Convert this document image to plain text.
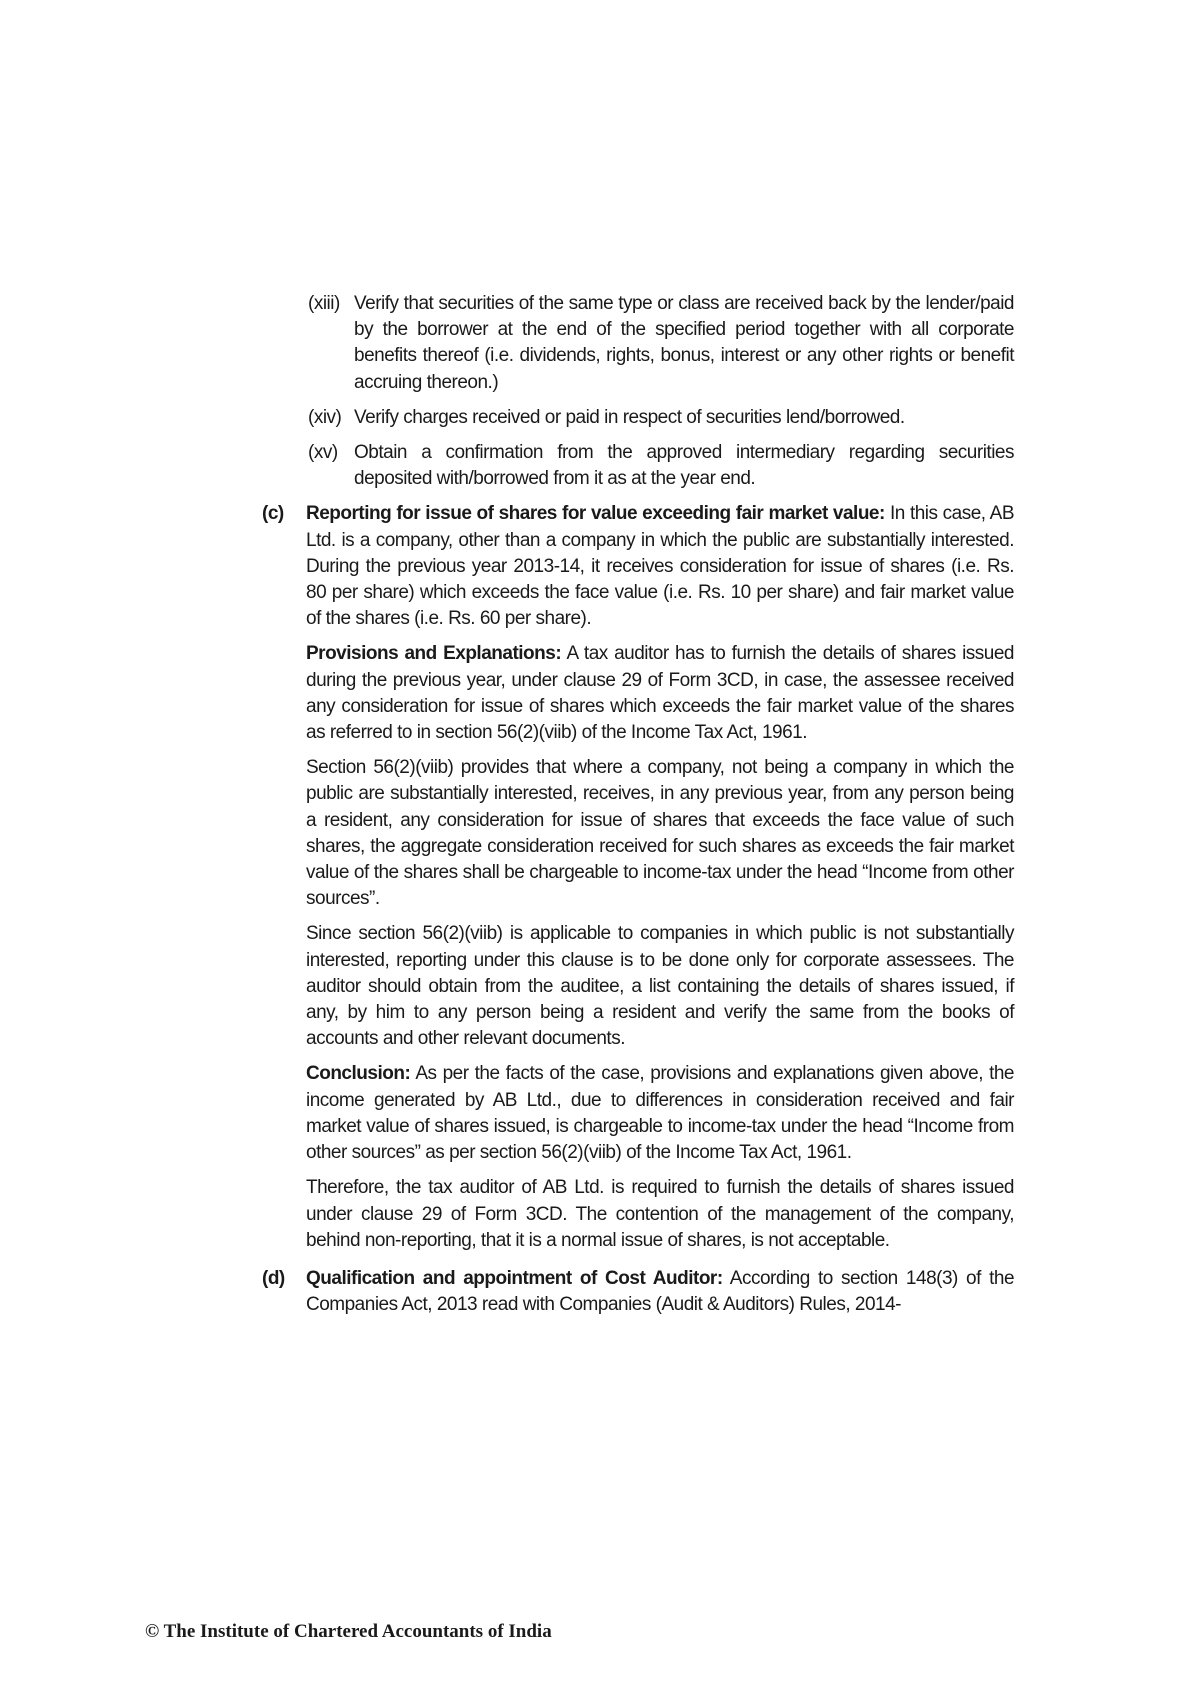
(xiii) Verify that securities of the same type or class are received back by the lender/paid by the borrower at the end of the specified period together with all corporate benefits thereof (i.e. dividends, rights, bonus, interest or any other rights or benefit accruing thereon.)
(xiv) Verify charges received or paid in respect of securities lend/borrowed.
(xv) Obtain a confirmation from the approved intermediary regarding securities deposited with/borrowed from it as at the year end.
(c)	Reporting for issue of shares for value exceeding fair market value: In this case, AB Ltd. is a company, other than a company in which the public are substantially interested. During the previous year 2013-14, it receives consideration for issue of shares (i.e. Rs. 80 per share) which exceeds the face value (i.e. Rs. 10 per share) and fair market value of the shares (i.e. Rs. 60 per share).

Provisions and Explanations: A tax auditor has to furnish the details of shares issued during the previous year, under clause 29 of Form 3CD, in case, the assessee received any consideration for issue of shares which exceeds the fair market value of the shares as referred to in section 56(2)(viib) of the Income Tax Act, 1961.

Section 56(2)(viib) provides that where a company, not being a company in which the public are substantially interested, receives, in any previous year, from any person being a resident, any consideration for issue of shares that exceeds the face value of such shares, the aggregate consideration received for such shares as exceeds the fair market value of the shares shall be chargeable to income-tax under the head “Income from other sources”.

Since section 56(2)(viib) is applicable to companies in which public is not substantially interested, reporting under this clause is to be done only for corporate assessees. The auditor should obtain from the auditee, a list containing the details of shares issued, if any, by him to any person being a resident and verify the same from the books of accounts and other relevant documents.

Conclusion: As per the facts of the case, provisions and explanations given above, the income generated by AB Ltd., due to differences in consideration received and fair market value of shares issued, is chargeable to income-tax under the head “Income from other sources” as per section 56(2)(viib) of the Income Tax Act, 1961.

Therefore, the tax auditor of AB Ltd. is required to furnish the details of shares issued under clause 29 of Form 3CD. The contention of the management of the company, behind non-reporting, that it is a normal issue of shares, is not acceptable.

(d)	Qualification and appointment of Cost Auditor: According to section 148(3) of the Companies Act, 2013 read with Companies (Audit & Auditors) Rules, 2014-

© The Institute of Chartered Accountants of India
